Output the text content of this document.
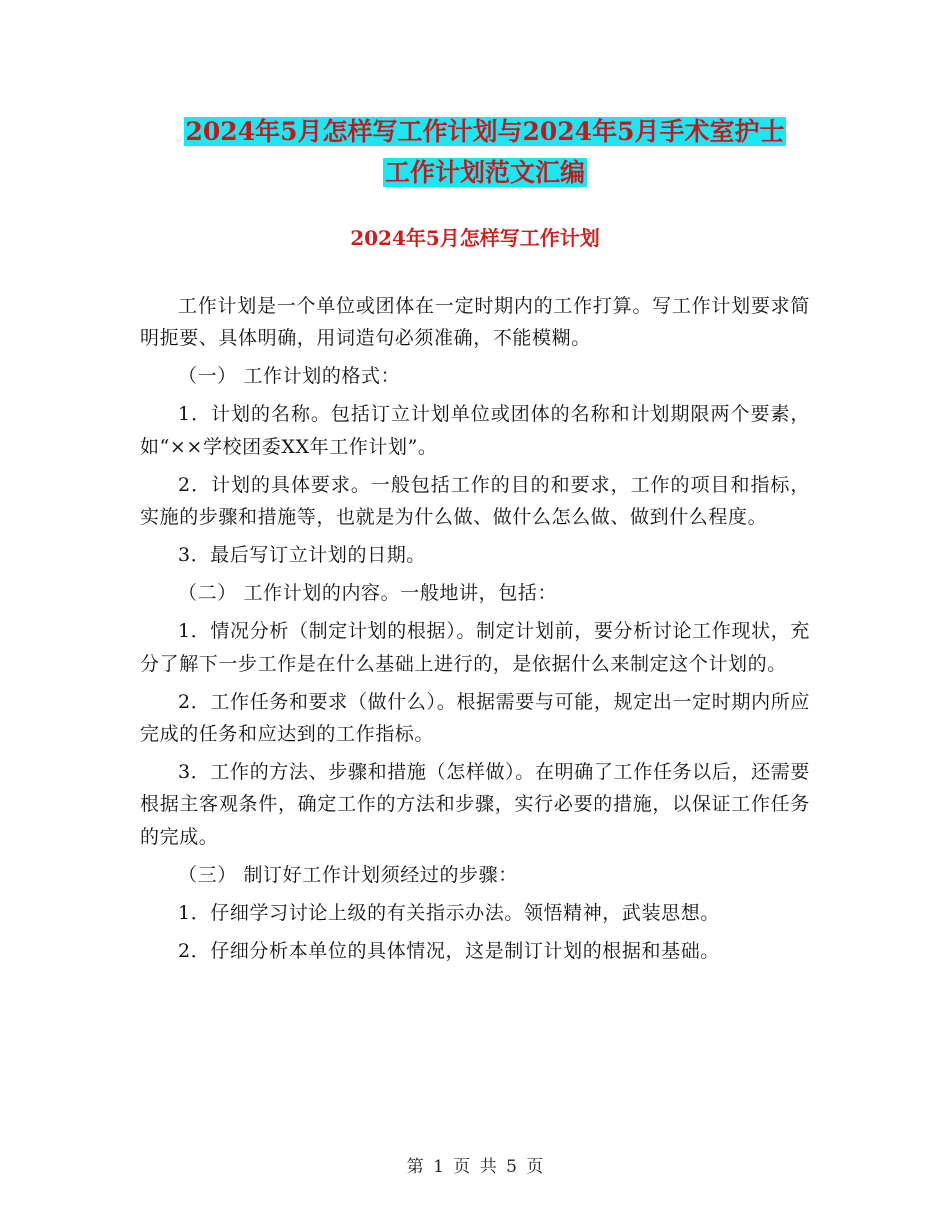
2024年5月怎样写工作计划与2024年5月手术室护士
工作计划范文汇编
2024年5月怎样写工作计划

工作计划是一个单位或团体在一定时期内的工作打算。写工作计划要求简明扼要、具体明确，用词造句必须准确，不能模糊。

（一） 工作计划的格式：

1．计划的名称。包括订立计划单位或团体的名称和计划期限两个要素，如“××学校团委XX年工作计划”。

2．计划的具体要求。一般包括工作的目的和要求，工作的项目和指标，实施的步骤和措施等，也就是为什么做、做什么怎么做、做到什么程度。

3．最后写订立计划的日期。

（二） 工作计划的内容。一般地讲，包括：

1．情况分析（制定计划的根据）。制定计划前，要分析讨论工作现状，充分了解下一步工作是在什么基础上进行的，是依据什么来制定这个计划的。

2．工作任务和要求（做什么）。根据需要与可能，规定出一定时期内所应完成的任务和应达到的工作指标。

3．工作的方法、步骤和措施（怎样做）。在明确了工作任务以后，还需要根据主客观条件，确定工作的方法和步骤，实行必要的措施，以保证工作任务的完成。

（三） 制订好工作计划须经过的步骤：

1．仔细学习讨论上级的有关指示办法。领悟精神，武装思想。

2．仔细分析本单位的具体情况，这是制订计划的根据和基础。

第 1 页 共 5 页
